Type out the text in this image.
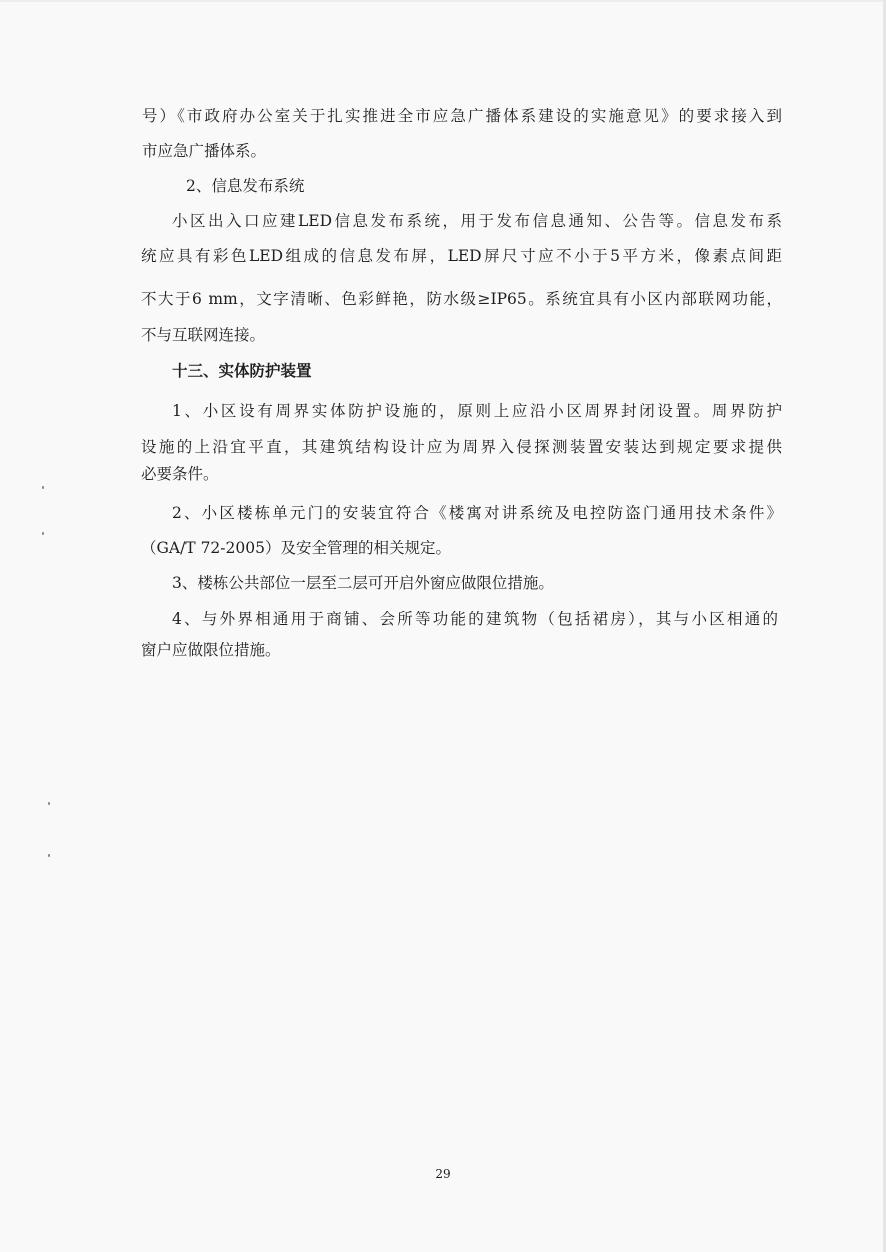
号）《市政府办公室关于扎实推进全市应急广播体系建设的实施意见》的要求接入到

市应急广播体系。

2、信息发布系统

小区出入口应建LED信息发布系统，用于发布信息通知、公告等。信息发布系

统应具有彩色LED组成的信息发布屏，LED屏尺寸应不小于5平方米，像素点间距

不大于6 mm，文字清晰、色彩鲜艳，防水级≥IP65。系统宜具有小区内部联网功能，

不与互联网连接。

十三、实体防护装置

1、小区设有周界实体防护设施的，原则上应沿小区周界封闭设置。周界防护

设施的上沿宜平直，其建筑结构设计应为周界入侵探测装置安装达到规定要求提供

必要条件。

2、小区楼栋单元门的安装宜符合《楼寓对讲系统及电控防盗门通用技术条件》

（GA/T 72-2005）及安全管理的相关规定。

3、楼栋公共部位一层至二层可开启外窗应做限位措施。

4、与外界相通用于商铺、会所等功能的建筑物（包括裙房），其与小区相通的

窗户应做限位措施。

29
